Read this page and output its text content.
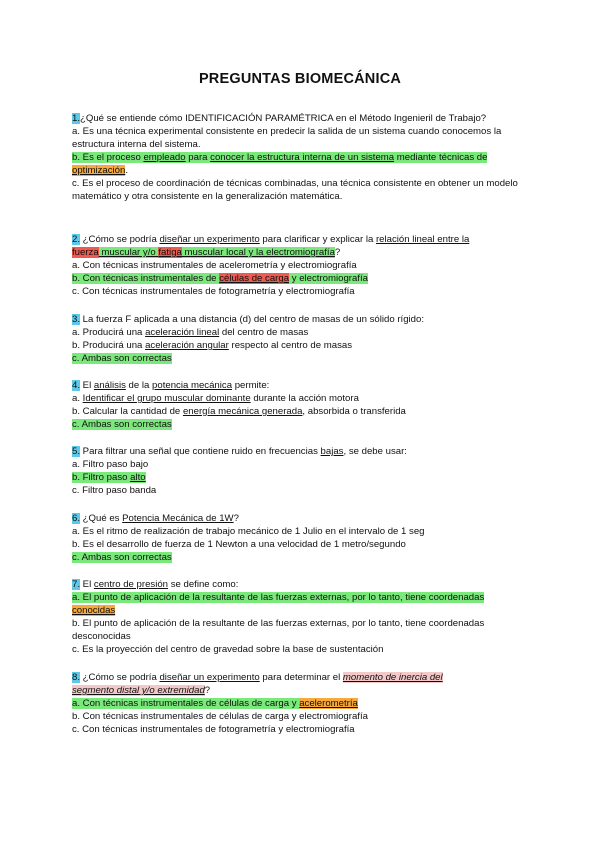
PREGUNTAS BIOMECÁNICA
1.¿Qué se entiende cómo IDENTIFICACIÓN PARAMÉTRICA en el Método Ingenieril de Trabajo?
a. Es una técnica experimental consistente en predecir la salida de un sistema cuando conocemos la estructura interna del sistema.
b. Es el proceso empleado para conocer la estructura interna de un sistema mediante técnicas de
optimización.
c. Es el proceso de coordinación de técnicas combinadas, una técnica consistente en obtener un modelo matemático y otra consistente en la generalización matemática.
2. ¿Cómo se podría diseñar un experimento para clarificar y explicar la relación lineal entre la
fuerza muscular y/o fatiga muscular local y la electromiografía?
a. Con técnicas instrumentales de acelerometría y electromiografía
b. Con técnicas instrumentales de células de carga y electromiografía
c. Con técnicas instrumentales de fotogrametría y electromiografía
3. La fuerza F aplicada a una distancia (d) del centro de masas de un sólido rígido:
a. Producirá una aceleración lineal del centro de masas
b. Producirá una aceleración angular respecto al centro de masas
c. Ambas son correctas
4. El análisis de la potencia mecánica permite:
a. Identificar el grupo muscular dominante durante la acción motora
b. Calcular la cantidad de energía mecánica generada, absorbida o transferida
c. Ambas son correctas
5. Para filtrar una señal que contiene ruido en frecuencias bajas, se debe usar:
a. Filtro paso bajo
b. Filtro paso alto
c. Filtro paso banda
6. ¿Qué es Potencia Mecánica de 1W?
a. Es el ritmo de realización de trabajo mecánico de 1 Julio en el intervalo de 1 seg
b. Es el desarrollo de fuerza de 1 Newton a una velocidad de 1 metro/segundo
c. Ambas son correctas
7. El centro de presión se define como:
a. El punto de aplicación de la resultante de las fuerzas externas, por lo tanto, tiene coordenadas
conocidas
b. El punto de aplicación de la resultante de las fuerzas externas, por lo tanto, tiene coordenadas desconocidas
c. Es la proyección del centro de gravedad sobre la base de sustentación
8. ¿Cómo se podría diseñar un experimento para determinar el momento de inercia del
segmento distal y/o extremidad?
a. Con técnicas instrumentales de células de carga y acelerometría
b. Con técnicas instrumentales de células de carga y electromiografía
c. Con técnicas instrumentales de fotogrametría y electromiografía
